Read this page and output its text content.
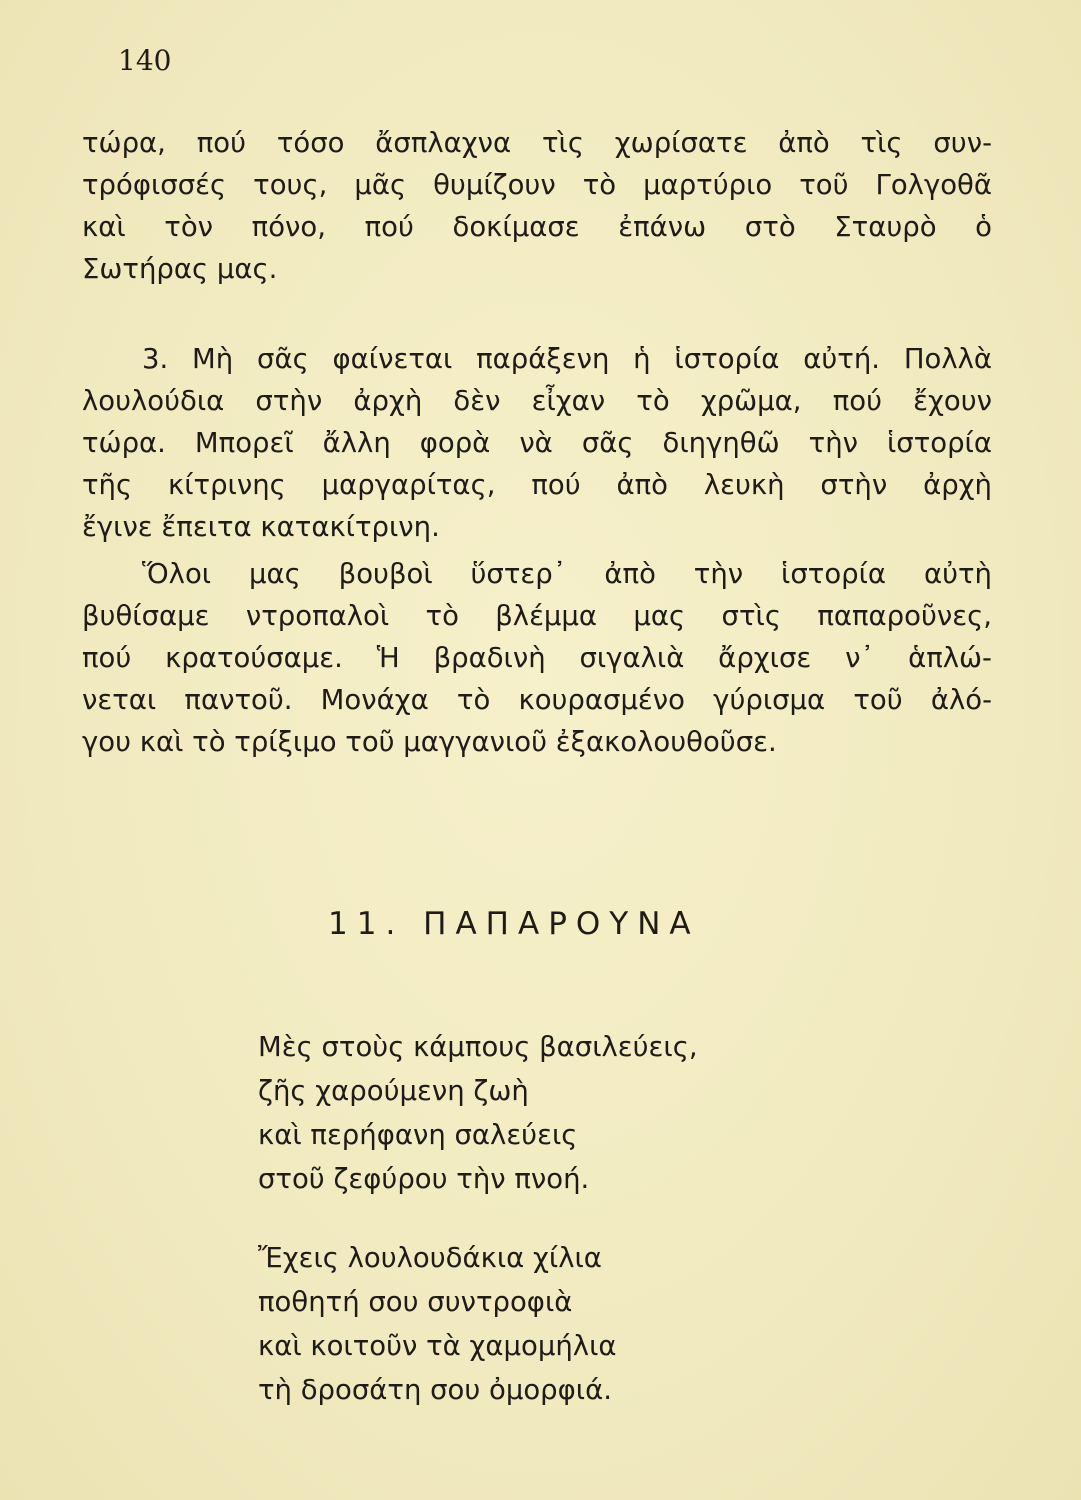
140

τώρα, πού τόσο ἄσπλαχνα τὶς χωρίσατε ἀπὸ τὶς συν-
τρόφισσές τους, μᾶς θυμίζουν τὸ μαρτύριο τοῦ Γολγοθᾶ
καὶ τὸν πόνο, πού δοκίμασε ἐπάνω στὸ Σταυρὸ ὁ
Σωτήρας μας.

3. Μὴ σᾶς φαίνεται παράξενη ἡ ἱστορία αὐτή. Πολλὰ
λουλούδια στὴν ἀρχὴ δὲν εἶχαν τὸ χρῶμα, πού ἔχουν
τώρα. Μπορεῖ ἄλλη φορὰ νὰ σᾶς διηγηθῶ τὴν ἱστορία
τῆς κίτρινης μαργαρίτας, πού ἀπὸ λευκὴ στὴν ἀρχὴ
ἔγινε ἔπειτα κατακίτρινη.

Ὅλοι μας βουβοὶ ὕστερ᾽ ἀπὸ τὴν ἱστορία αὐτὴ
βυθίσαμε ντροπαλοὶ τὸ βλέμμα μας στὶς παπαροῦνες,
πού κρατούσαμε. Ἡ βραδινὴ σιγαλιὰ ἄρχισε ν᾽ ἁπλώ-
νεται παντοῦ. Μονάχα τὸ κουρασμένο γύρισμα τοῦ ἀλό-
γου καὶ τὸ τρίξιμο τοῦ μαγγανιοῦ ἐξακολουθοῦσε.

11. ΠΑΠΑΡΟΥΝΑ
Μὲς στοὺς κάμπους βασιλεύεις,
ζῆς χαρούμενη ζωὴ
καὶ περήφανη σαλεύεις
στοῦ ζεφύρου τὴν πνοή.
Ἔχεις λουλουδάκια χίλια
ποθητή σου συντροφιὰ
καὶ κοιτοῦν τὰ χαμομήλια
τὴ δροσάτη σου ὀμορφιά.
